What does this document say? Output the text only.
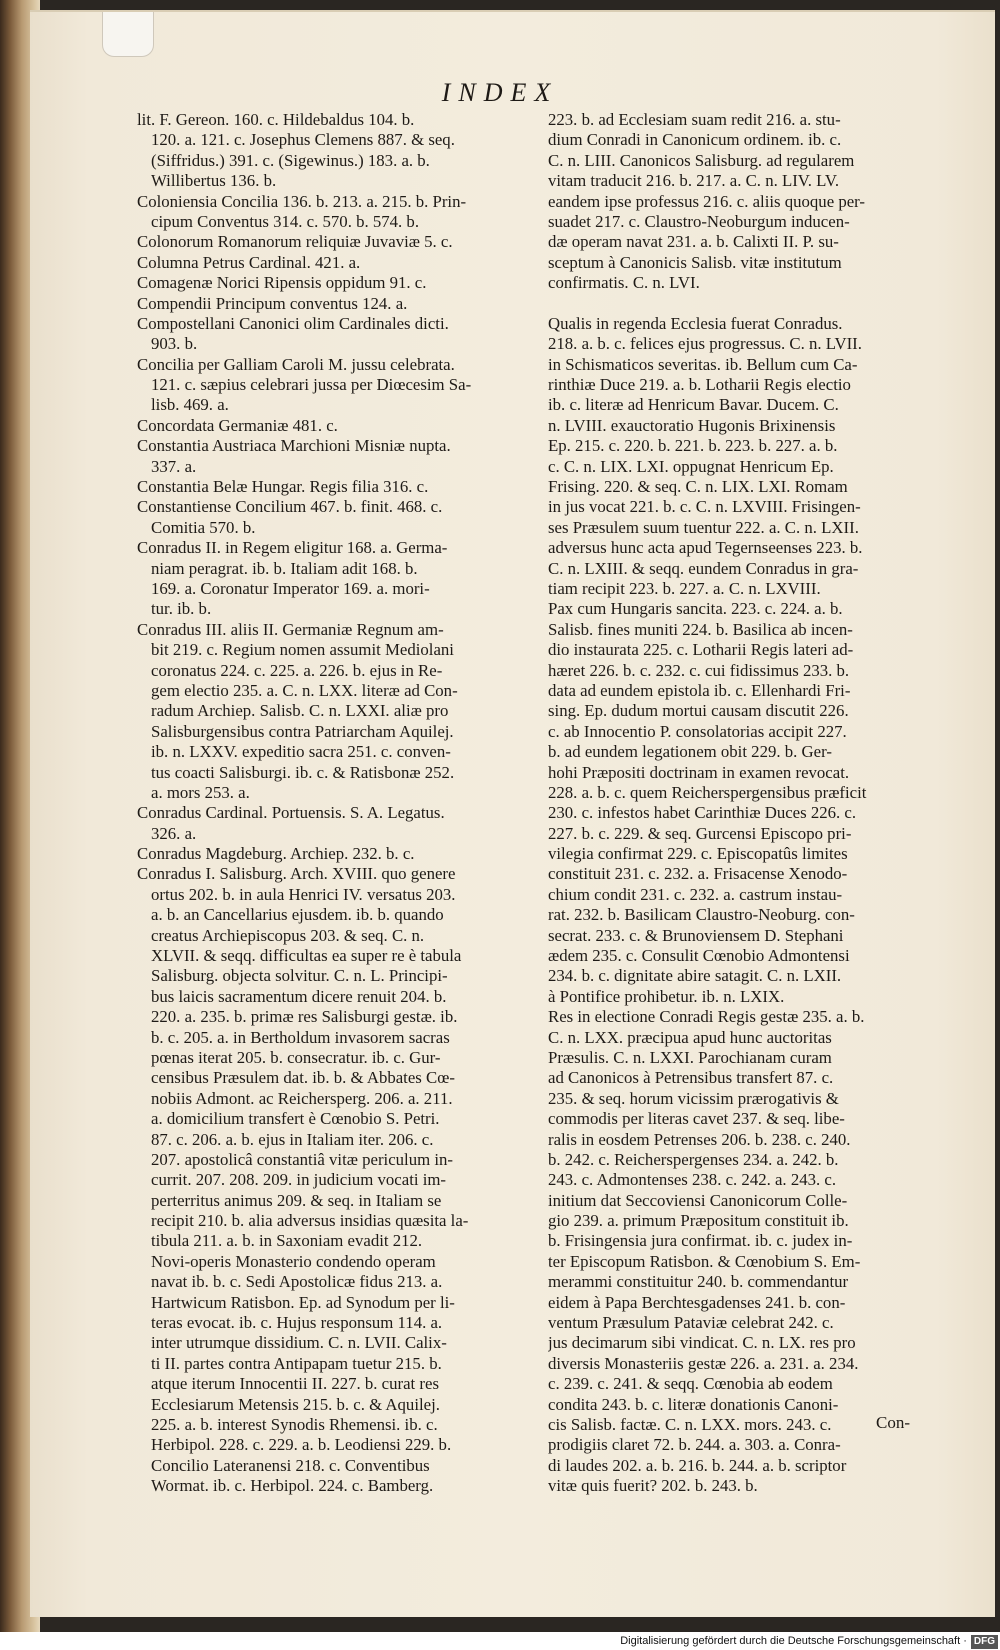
INDEX
lit. F. Gereon. 160. c. Hildebaldus 104. b.
120. a. 121. c. Josephus Clemens 887. & seq.
(Siffridus.) 391. c. (Sigewinus.) 183. a. b.
Willibertus 136. b.
Coloniensia Concilia 136. b. 213. a. 215. b. Prin-
cipum Conventus 314. c. 570. b. 574. b.
Colonorum Romanorum reliquiæ Juvaviæ 5. c.
Columna Petrus Cardinal. 421. a.
Comagenæ Norici Ripensis oppidum 91. c.
Compendii Principum conventus 124. a.
Compostellani Canonici olim Cardinales dicti.
903. b.
Concilia per Galliam Caroli M. jussu celebrata.
121. c. sæpius celebrari jussa per Diœcesim Sa-
lisb. 469. a.
Concordata Germaniæ 481. c.
Constantia Austriaca Marchioni Misniæ nupta.
337. a.
Constantia Belæ Hungar. Regis filia 316. c.
Constantiense Concilium 467. b. finit. 468. c.
Comitia 570. b.
Conradus II. in Regem eligitur 168. a. Germa-
niam peragrat. ib. b. Italiam adit 168. b.
169. a. Coronatur Imperator 169. a. mori-
tur. ib. b.
Conradus III. aliis II. Germaniæ Regnum am-
bit 219. c. Regium nomen assumit Mediolani
coronatus 224. c. 225. a. 226. b. ejus in Re-
gem electio 235. a. C. n. LXX. literæ ad Con-
radum Archiep. Salisb. C. n. LXXI. aliæ pro
Salisburgensibus contra Patriarcham Aquilej.
ib. n. LXXV. expeditio sacra 251. c. conven-
tus coacti Salisburgi. ib. c. & Ratisbonæ 252.
a. mors 253. a.
Conradus Cardinal. Portuensis. S. A. Legatus.
326. a.
Conradus Magdeburg. Archiep. 232. b. c.
Conradus I. Salisburg. Arch. XVIII. quo genere
ortus 202. b. in aula Henrici IV. versatus 203.
a. b. an Cancellarius ejusdem. ib. b. quando
creatus Archiepiscopus 203. & seq. C. n.
XLVII. & seqq. difficultas ea super re è tabula
Salisburg. objecta solvitur. C. n. L. Principi-
bus laicis sacramentum dicere renuit 204. b.
220. a. 235. b. primæ res Salisburgi gestæ. ib.
b. c. 205. a. in Bertholdum invasorem sacras
pœnas iterat 205. b. consecratur. ib. c. Gur-
censibus Præsulem dat. ib. b. & Abbates Cœ-
nobiis Admont. ac Reichersperg. 206. a. 211.
a. domicilium transfert è Cœnobio S. Petri.
87. c. 206. a. b. ejus in Italiam iter. 206. c.
207. apostolicâ constantiâ vitæ periculum in-
currit. 207. 208. 209. in judicium vocati im-
perterritus animus 209. & seq. in Italiam se
recipit 210. b. alia adversus insidias quæsita la-
tibula 211. a. b. in Saxoniam evadit 212.
Novi-operis Monasterio condendo operam
navat ib. b. c. Sedi Apostolicæ fidus 213. a.
Hartwicum Ratisbon. Ep. ad Synodum per li-
teras evocat. ib. c. Hujus responsum 114. a.
inter utrumque dissidium. C. n. LVII. Calix-
ti II. partes contra Antipapam tuetur 215. b.
atque iterum Innocentii II. 227. b. curat res
Ecclesiarum Metensis 215. b. c. & Aquilej.
225. a. b. interest Synodis Rhemensi. ib. c.
Herbipol. 228. c. 229. a. b. Leodiensi 229. b.
Concilio Lateranensi 218. c. Conventibus
Wormat. ib. c. Herbipol. 224. c. Bamberg.
223. b. ad Ecclesiam suam redit 216. a. stu-
dium Conradi in Canonicum ordinem. ib. c.
C. n. LIII. Canonicos Salisburg. ad regularem
vitam traducit 216. b. 217. a. C. n. LIV. LV.
eandem ipse professus 216. c. aliis quoque per-
suadet 217. c. Claustro-Neoburgum inducen-
dæ operam navat 231. a. b. Calixti II. P. su-
sceptum à Canonicis Salisb. vitæ institutum
confirmatis. C. n. LVI.
Qualis in regenda Ecclesia fuerat Conradus.
218. a. b. c. felices ejus progressus. C. n. LVII.
in Schismaticos severitas. ib. Bellum cum Ca-
rinthiæ Duce 219. a. b. Lotharii Regis electio
ib. c. literæ ad Henricum Bavar. Ducem. C.
n. LVIII. exauctoratio Hugonis Brixinensis
Ep. 215. c. 220. b. 221. b. 223. b. 227. a. b.
c. C. n. LIX. LXI. oppugnat Henricum Ep.
Frising. 220. & seq. C. n. LIX. LXI. Romam
in jus vocat 221. b. c. C. n. LXVIII. Frisingen-
ses Præsulem suum tuentur 222. a. C. n. LXII.
adversus hunc acta apud Tegernseenses 223. b.
C. n. LXIII. & seqq. eundem Conradus in gra-
tiam recipit 223. b. 227. a. C. n. LXVIII.
Pax cum Hungaris sancita. 223. c. 224. a. b.
Salisb. fines muniti 224. b. Basilica ab incen-
dio instaurata 225. c. Lotharii Regis lateri ad-
hæret 226. b. c. 232. c. cui fidissimus 233. b.
data ad eundem epistola ib. c. Ellenhardi Fri-
sing. Ep. dudum mortui causam discutit 226.
c. ab Innocentio P. consolatorias accipit 227.
b. ad eundem legationem obit 229. b. Ger-
hohi Præpositi doctrinam in examen revocat.
228. a. b. c. quem Reicherspergensibus præficit
230. c. infestos habet Carinthiæ Duces 226. c.
227. b. c. 229. & seq. Gurcensi Episcopo pri-
vilegia confirmat 229. c. Episcopatûs limites
constituit 231. c. 232. a. Frisacense Xenodo-
chium condit 231. c. 232. a. castrum instau-
rat. 232. b. Basilicam Claustro-Neoburg. con-
secrat. 233. c. & Brunoviensem D. Stephani
ædem 235. c. Consulit Cœnobio Admontensi
234. b. c. dignitate abire satagit. C. n. LXII.
à Pontifice prohibetur. ib. n. LXIX.
Res in electione Conradi Regis gestæ 235. a. b.
C. n. LXX. præcipua apud hunc auctoritas
Præsulis. C. n. LXXI. Parochianam curam
ad Canonicos à Petrensibus transfert 87. c.
235. & seq. horum vicissim prærogativis &
commodis per literas cavet 237. & seq. libe-
ralis in eosdem Petrenses 206. b. 238. c. 240.
b. 242. c. Reicherspergenses 234. a. 242. b.
243. c. Admontenses 238. c. 242. a. 243. c.
initium dat Seccoviensi Canonicorum Colle-
gio 239. a. primum Præpositum constituit ib.
b. Frisingensia jura confirmat. ib. c. judex in-
ter Episcopum Ratisbon. & Cœnobium S. Em-
merammi constituitur 240. b. commendantur
eidem à Papa Berchtesgadenses 241. b. con-
ventum Præsulum Pataviæ celebrat 242. c.
jus decimarum sibi vindicat. C. n. LX. res pro
diversis Monasteriis gestæ 226. a. 231. a. 234.
c. 239. c. 241. & seqq. Cœnobia ab eodem
condita 243. b. c. literæ donationis Canoni-
cis Salisb. factæ. C. n. LXX. mors. 243. c.
prodigiis claret 72. b. 244. a. 303. a. Conra-
di laudes 202. a. b. 216. b. 244. a. b. scriptor
vitæ quis fuerit? 202. b. 243. b.
Con-
Digitalisierung gefördert durch die Deutsche Forschungsgemeinschaft · DFG
